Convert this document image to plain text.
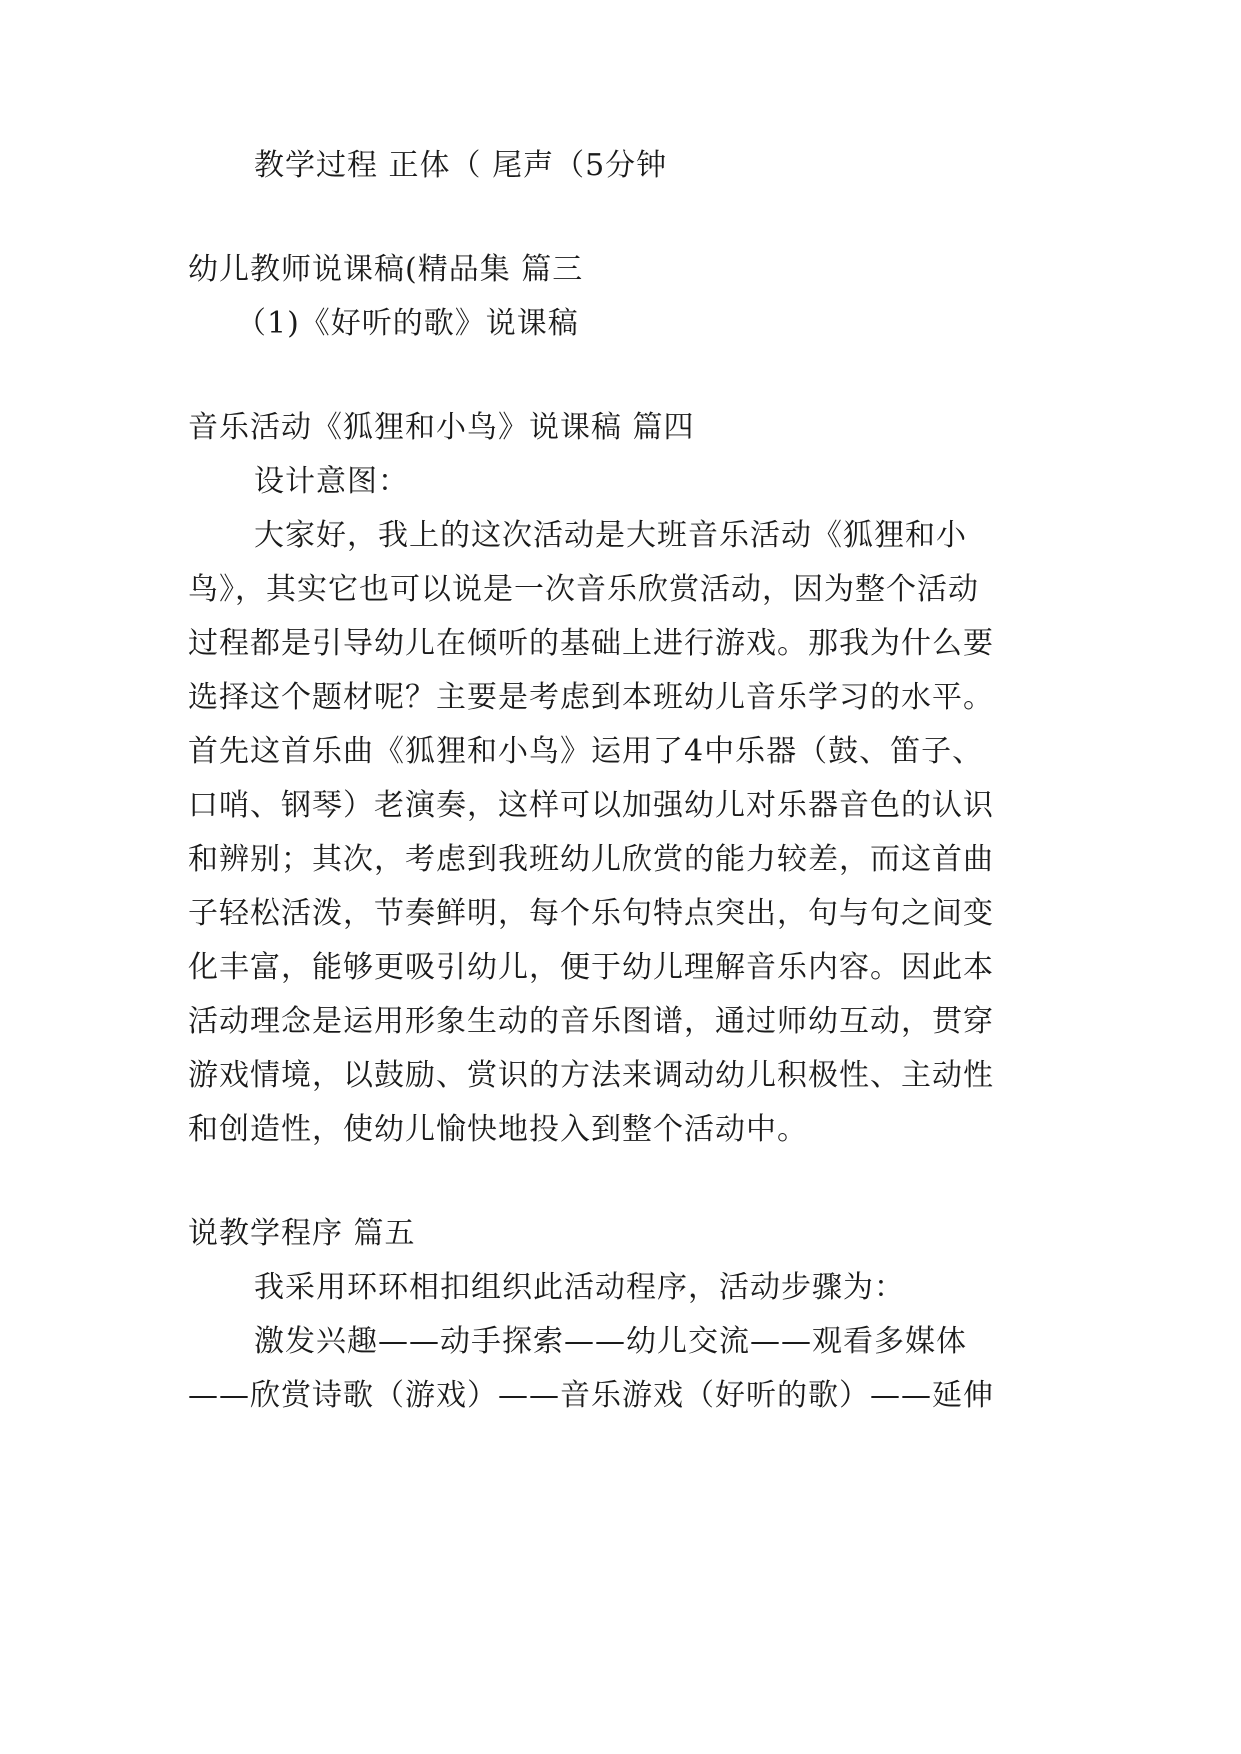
教学过程 正体（ 尾声（5分钟
幼儿教师说课稿(精品集 篇三
（1)《好听的歌》说课稿
音乐活动《狐狸和小鸟》说课稿 篇四
设计意图：
大家好，我上的这次活动是大班音乐活动《狐狸和小
鸟》，其实它也可以说是一次音乐欣赏活动，因为整个活动
过程都是引导幼儿在倾听的基础上进行游戏。那我为什么要
选择这个题材呢？主要是考虑到本班幼儿音乐学习的水平。
首先这首乐曲《狐狸和小鸟》运用了4中乐器（鼓、笛子、
口哨、钢琴）老演奏，这样可以加强幼儿对乐器音色的认识
和辨别；其次，考虑到我班幼儿欣赏的能力较差，而这首曲
子轻松活泼，节奏鲜明，每个乐句特点突出，句与句之间变
化丰富，能够更吸引幼儿，便于幼儿理解音乐内容。因此本
活动理念是运用形象生动的音乐图谱，通过师幼互动，贯穿
游戏情境，以鼓励、赏识的方法来调动幼儿积极性、主动性
和创造性，使幼儿愉快地投入到整个活动中。
说教学程序 篇五
我采用环环相扣组织此活动程序，活动步骤为：
激发兴趣——动手探索——幼儿交流——观看多媒体
——欣赏诗歌（游戏）——音乐游戏（好听的歌）——延伸
